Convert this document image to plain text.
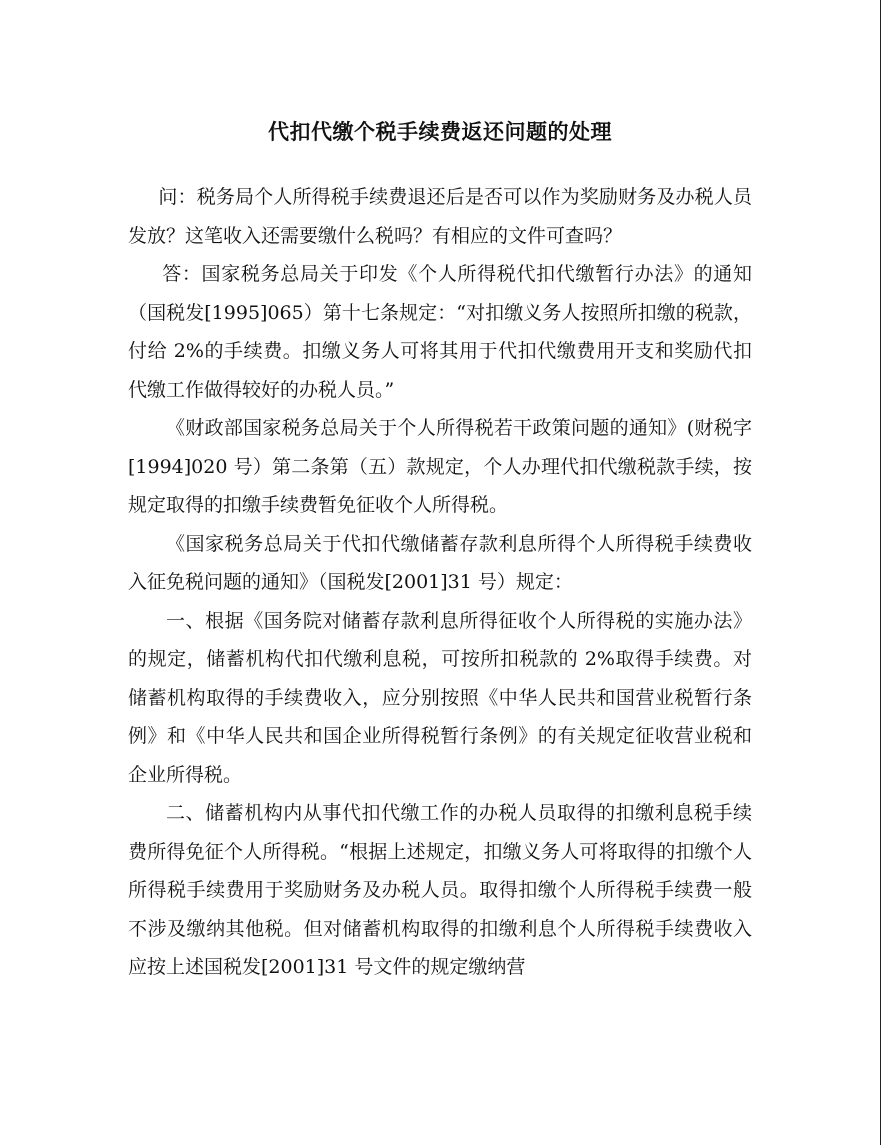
代扣代缴个税手续费返还问题的处理

问：税务局个人所得税手续费退还后是否可以作为奖励财务及办税人员发放？这笔收入还需要缴什么税吗？有相应的文件可查吗？

答：国家税务总局关于印发《个人所得税代扣代缴暂行办法》的通知（国税发[1995]065）第十七条规定：“对扣缴义务人按照所扣缴的税款，付给 2%的手续费。扣缴义务人可将其用于代扣代缴费用开支和奖励代扣代缴工作做得较好的办税人员。”

《财政部国家税务总局关于个人所得税若干政策问题的通知》(财税字[1994]020 号）第二条第（五）款规定，个人办理代扣代缴税款手续，按规定取得的扣缴手续费暂免征收个人所得税。

《国家税务总局关于代扣代缴储蓄存款利息所得个人所得税手续费收入征免税问题的通知》（国税发[2001]31 号）规定：

一、根据《国务院对储蓄存款利息所得征收个人所得税的实施办法》的规定，储蓄机构代扣代缴利息税，可按所扣税款的 2%取得手续费。对储蓄机构取得的手续费收入，应分别按照《中华人民共和国营业税暂行条例》和《中华人民共和国企业所得税暂行条例》的有关规定征收营业税和企业所得税。

二、储蓄机构内从事代扣代缴工作的办税人员取得的扣缴利息税手续费所得免征个人所得税。“根据上述规定，扣缴义务人可将取得的扣缴个人所得税手续费用于奖励财务及办税人员。取得扣缴个人所得税手续费一般不涉及缴纳其他税。但对储蓄机构取得的扣缴利息个人所得税手续费收入应按上述国税发[2001]31 号文件的规定缴纳营
